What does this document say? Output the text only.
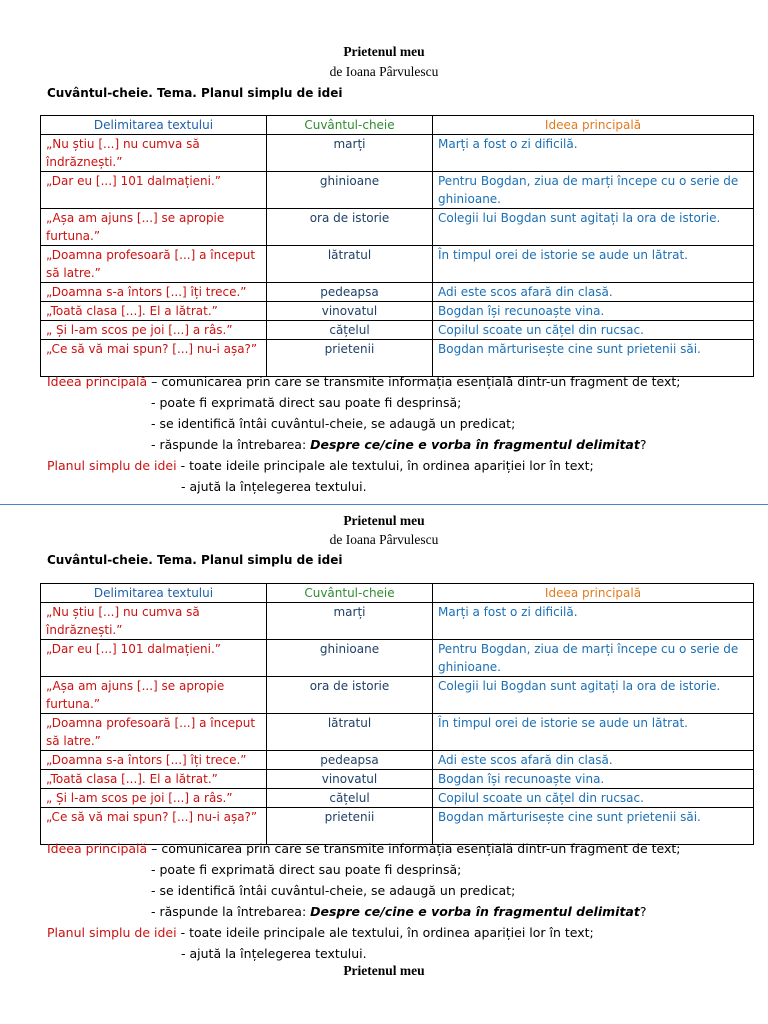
Prietenul meu
de Ioana Pârvulescu
Cuvântul-cheie. Tema. Planul simplu de idei
Delimitarea textului	Cuvântul-cheie	Ideea principală
„Nu știu [...] nu cumva să îndrăznești.”	marți	Marți a fost o zi dificilă.
„Dar eu [...] 101 dalmațieni.”	ghinioane	Pentru Bogdan, ziua de marți începe cu o serie de ghinioane.
„Așa am ajuns [...] se apropie furtuna.”	ora de istorie	Colegii lui Bogdan sunt agitați la ora de istorie.
„Doamna profesoară [...] a început să latre.”	lătratul	În timpul orei de istorie se aude un lătrat.
„Doamna s-a întors [...] îți trece.”	pedeapsa	Adi este scos afară din clasă.
„Toată clasa [...]. El a lătrat.”	vinovatul	Bogdan își recunoaște vina.
„ Și l-am scos pe joi [...] a râs.”	cățelul	Copilul scoate un cățel din rucsac.
„Ce să vă mai spun? [...] nu-i așa?”	prietenii	Bogdan mărturisește cine sunt prietenii săi.
Ideea principală – comunicarea prin care se transmite informația esențială dintr-un fragment de text;
- poate fi exprimată direct sau poate fi desprinsă;
- se identifică întâi cuvântul-cheie, se adaugă un predicat;
- răspunde la întrebarea: Despre ce/cine e vorba în fragmentul delimitat?
Planul simplu de idei - toate ideile principale ale textului, în ordinea apariției lor în text;
- ajută la înțelegerea textului.
Prietenul meu
de Ioana Pârvulescu
Cuvântul-cheie. Tema. Planul simplu de idei
Delimitarea textului	Cuvântul-cheie	Ideea principală
„Nu știu [...] nu cumva să îndrăznești.”	marți	Marți a fost o zi dificilă.
„Dar eu [...] 101 dalmațieni.”	ghinioane	Pentru Bogdan, ziua de marți începe cu o serie de ghinioane.
„Așa am ajuns [...] se apropie furtuna.”	ora de istorie	Colegii lui Bogdan sunt agitați la ora de istorie.
„Doamna profesoară [...] a început să latre.”	lătratul	În timpul orei de istorie se aude un lătrat.
„Doamna s-a întors [...] îți trece.”	pedeapsa	Adi este scos afară din clasă.
„Toată clasa [...]. El a lătrat.”	vinovatul	Bogdan își recunoaște vina.
„ Și l-am scos pe joi [...] a râs.”	cățelul	Copilul scoate un cățel din rucsac.
„Ce să vă mai spun? [...] nu-i așa?”	prietenii	Bogdan mărturisește cine sunt prietenii săi.
Ideea principală – comunicarea prin care se transmite informația esențială dintr-un fragment de text;
- poate fi exprimată direct sau poate fi desprinsă;
- se identifică întâi cuvântul-cheie, se adaugă un predicat;
- răspunde la întrebarea: Despre ce/cine e vorba în fragmentul delimitat?
Planul simplu de idei - toate ideile principale ale textului, în ordinea apariției lor în text;
- ajută la înțelegerea textului.
Prietenul meu
